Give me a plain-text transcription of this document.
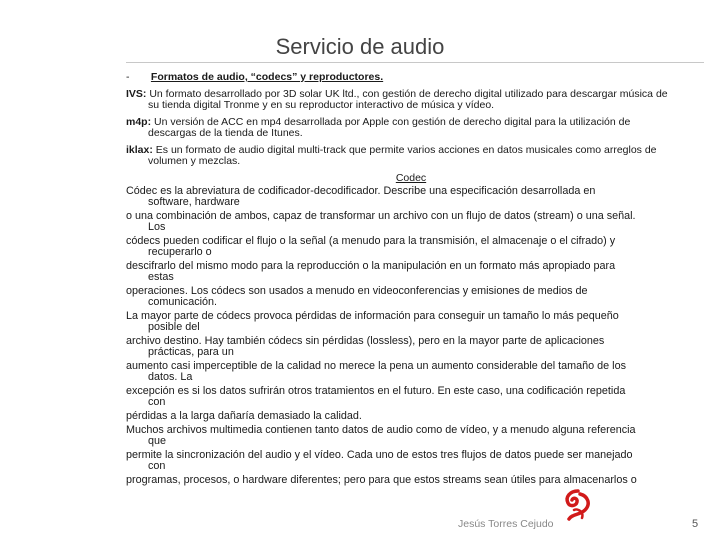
Servicio de audio
- Formatos de audio, “codecs” y reproductores.
IVS: Un formato desarrollado por 3D solar UK ltd., con gestión de derecho digital utilizado para descargar música de
su tienda digital Tronme y en su reproductor interactivo de música y vídeo.
m4p: Un versión de ACC en mp4 desarrollada por Apple con gestión de derecho digital para la utilización de
descargas de la tienda de Itunes.
iklax: Es un formato de audio digital multi-track que permite varios acciones en datos musicales como arreglos de
volumen y mezclas.
Codec
Códec es la abreviatura de codificador-decodificador. Describe una especificación desarrollada en
software, hardware
o una combinación de ambos, capaz de transformar un archivo con un flujo de datos (stream) o una señal.
Los
códecs pueden codificar el flujo o la señal (a menudo para la transmisión, el almacenaje o el cifrado) y
recuperarlo o
descifrarlo del mismo modo para la reproducción o la manipulación en un formato más apropiado para
estas
operaciones. Los códecs son usados a menudo en videoconferencias y emisiones de medios de
comunicación.
La mayor parte de códecs provoca pérdidas de información para conseguir un tamaño lo más pequeño
posible del
archivo destino. Hay también códecs sin pérdidas (lossless), pero en la mayor parte de aplicaciones
prácticas, para un
aumento casi imperceptible de la calidad no merece la pena un aumento considerable del tamaño de los
datos. La
excepción es si los datos sufrirán otros tratamientos en el futuro. En este caso, una codificación repetida
con
pérdidas a la larga dañaría demasiado la calidad.
Muchos archivos multimedia contienen tanto datos de audio como de vídeo, y a menudo alguna referencia
que
permite la sincronización del audio y el vídeo. Cada uno de estos tres flujos de datos puede ser manejado
con
programas, procesos, o hardware diferentes; pero para que estos streams sean útiles para almacenarlos o
Jesús Torres Cejudo	5
